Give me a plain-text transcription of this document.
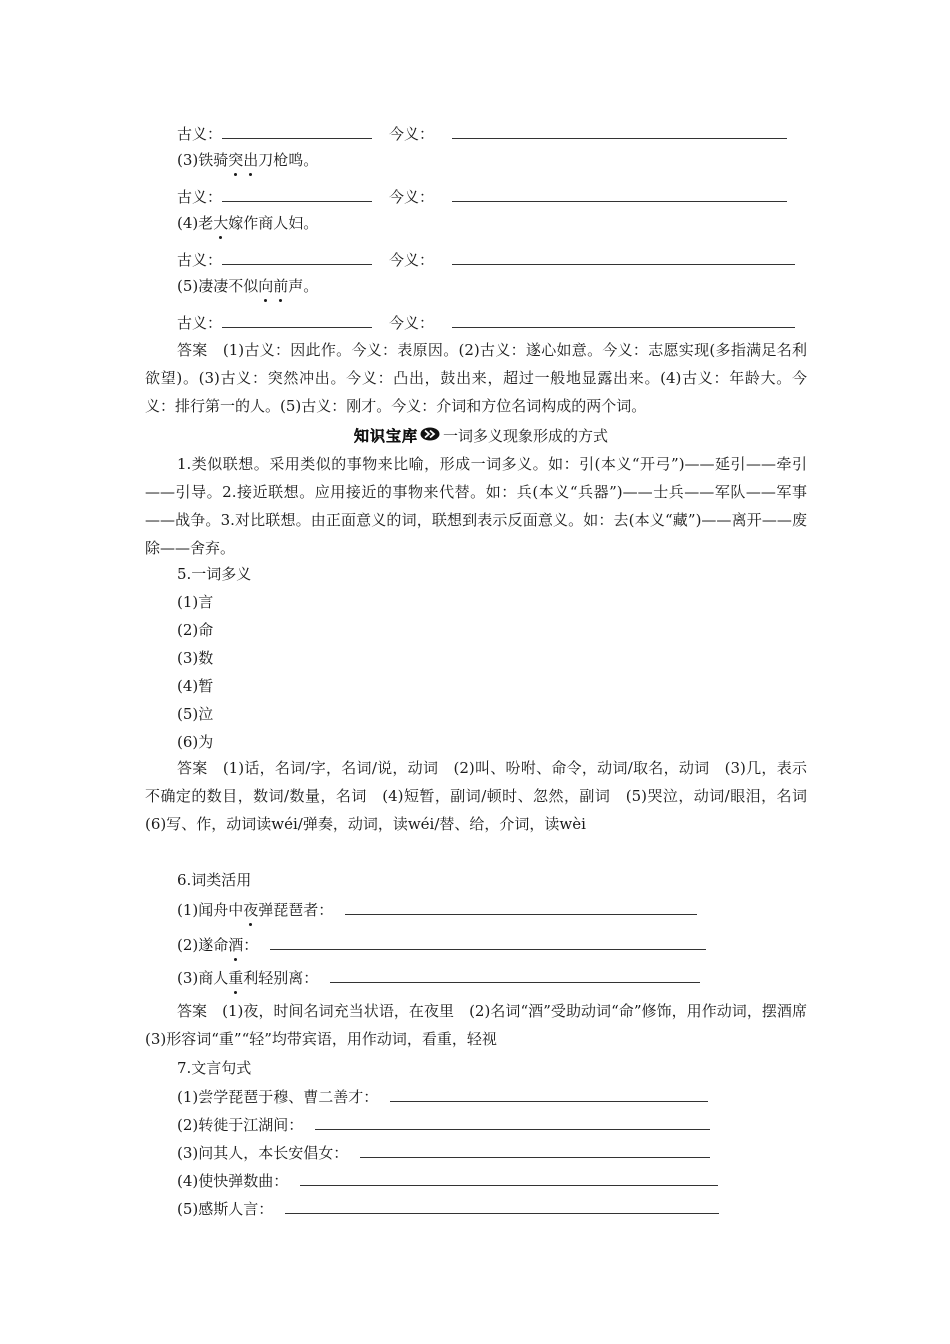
古义：	今义：
(3)铁骑突出刀枪鸣。
古义：	今义：
(4)老大嫁作商人妇。
古义：	今义：
(5)凄凄不似向前声。
古义：	今义：
答案　 (1)古义：因此作。今义：表原因。(2)古义：遂心如意。今义：志愿实现(多指满足名利欲望)。(3)古义：突然冲出。今义：凸出，鼓出来，超过一般地显露出来。(4)古义：年龄大。今义：排行第一的人。(5)古义：刚才。今义：介词和方位名词构成的两个词。
知识宝库 一词多义现象形成的方式
1.类似联想。采用类似的事物来比喻，形成一词多义。如：引(本义“开弓”)——延引——牵引——引导。2.接近联想。应用接近的事物来代替。如：兵(本义“兵器”)——士兵——军队——军事——战争。3.对比联想。由正面意义的词，联想到表示反面意义。如：去(本义“藏”)——离开——废除——舍弃。
5.一词多义
(1)言
(2)命
(3)数
(4)暂
(5)泣
(6)为
答案　 (1)话，名词/字，名词/说，动词　(2)叫、吩咐、命令，动词/取名，动词　(3)几，表示不确定的数目，数词/数量，名词　(4)短暂，副词/顿时、忽然，副词　(5)哭泣，动词/眼泪，名词　(6)写、作，动词读wéi/弹奏，动词，读wéi/替、给，介词，读wèi
6.词类活用
(1)闻舟中夜弹琵琶者：
(2)遂命酒：
(3)商人重利轻别离：
答案　 (1)夜，时间名词充当状语，在夜里　(2)名词“酒”受助动词“命”修饰，用作动词，摆酒席　(3)形容词“重”“轻”均带宾语，用作动词，看重，轻视
7.文言句式
(1)尝学琵琶于穆、曹二善才：
(2)转徙于江湖间：
(3)问其人，本长安倡女：
(4)使快弹数曲：
(5)感斯人言：
